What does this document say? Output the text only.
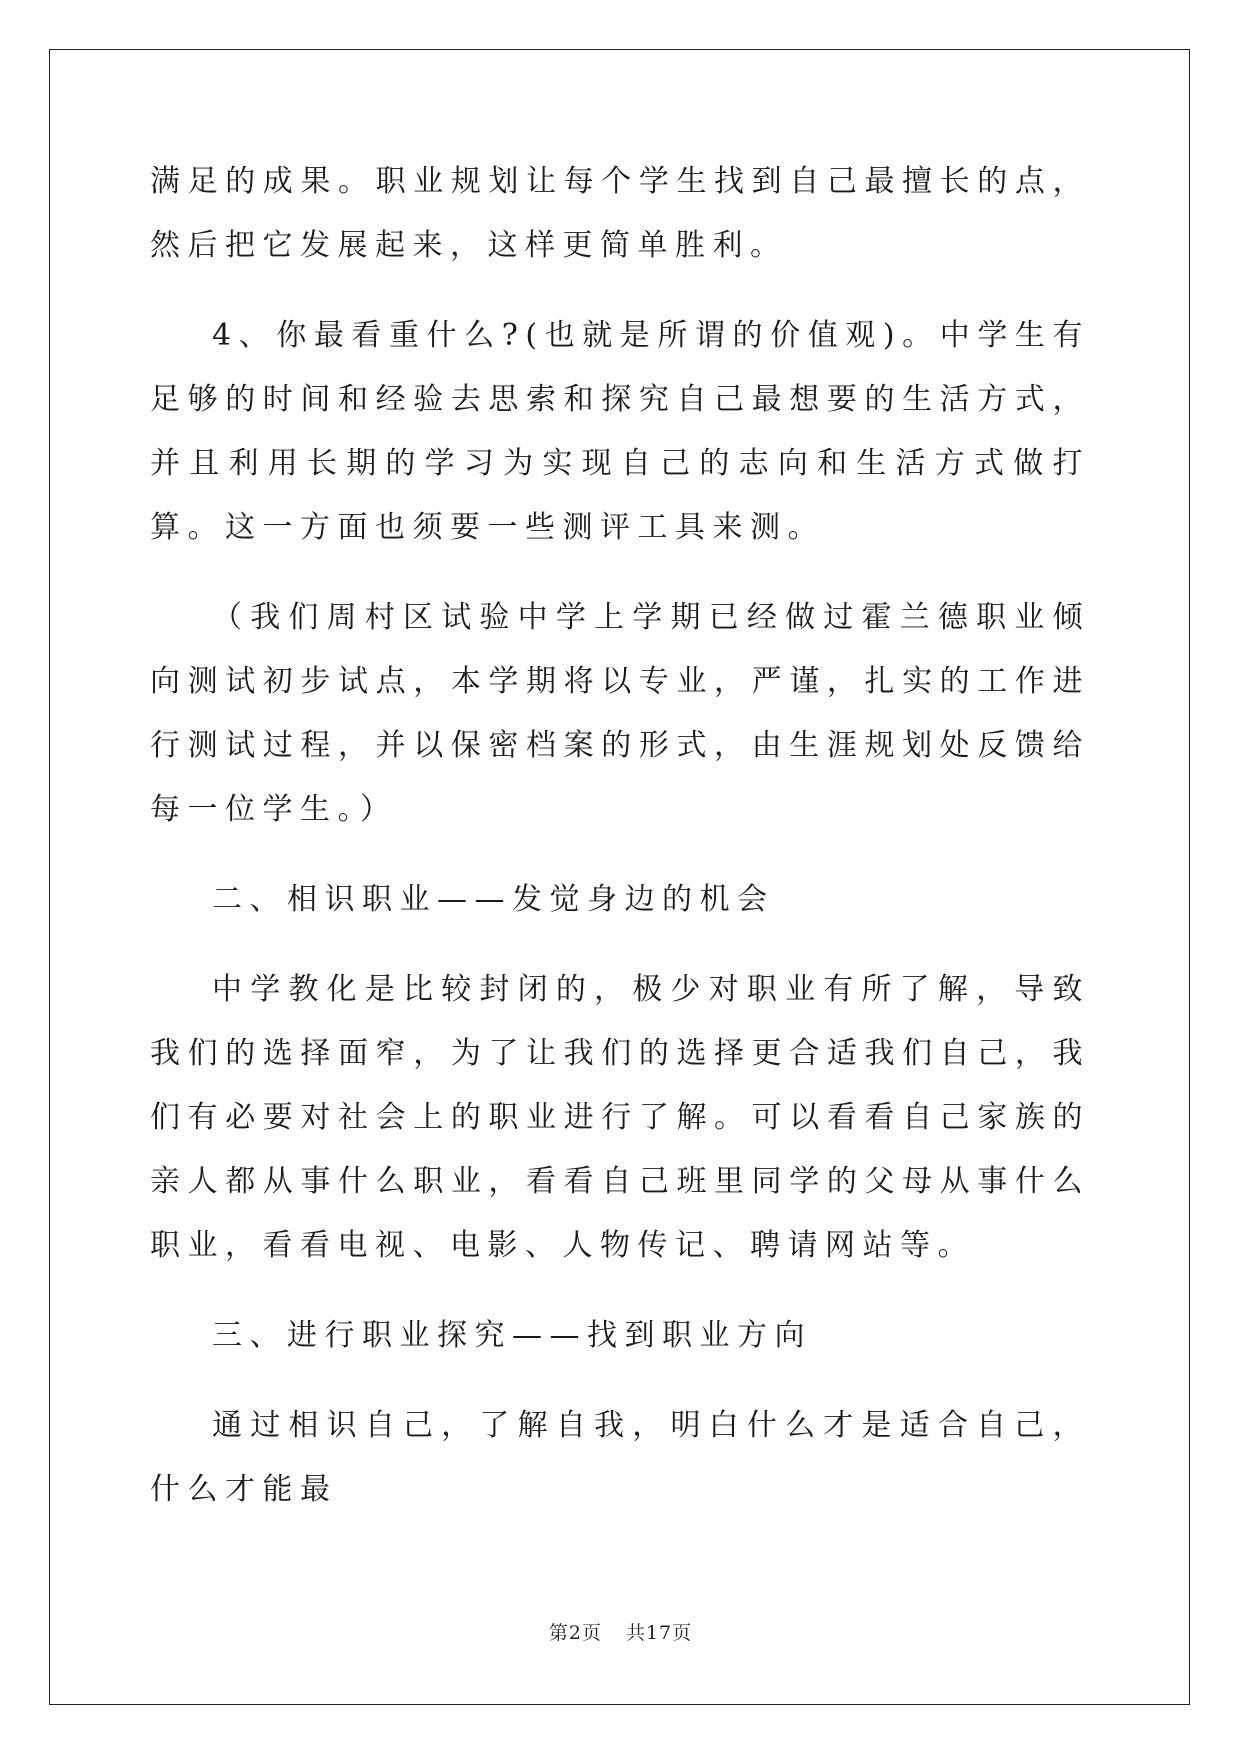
满足的成果。职业规划让每个学生找到自己最擅长的点，然后把它发展起来，这样更简单胜利。

4、你最看重什么?(也就是所谓的价值观)。中学生有足够的时间和经验去思索和探究自己最想要的生活方式，并且利用长期的学习为实现自己的志向和生活方式做打算。这一方面也须要一些测评工具来测。

（我们周村区试验中学上学期已经做过霍兰德职业倾向测试初步试点，本学期将以专业，严谨，扎实的工作进行测试过程，并以保密档案的形式，由生涯规划处反馈给每一位学生。）

二、相识职业——发觉身边的机会

中学教化是比较封闭的，极少对职业有所了解，导致我们的选择面窄，为了让我们的选择更合适我们自己，我们有必要对社会上的职业进行了解。可以看看自己家族的亲人都从事什么职业，看看自己班里同学的父母从事什么职业，看看电视、电影、人物传记、聘请网站等。

三、进行职业探究——找到职业方向

通过相识自己，了解自我，明白什么才是适合自己，什么才能最

第2页 共17页
